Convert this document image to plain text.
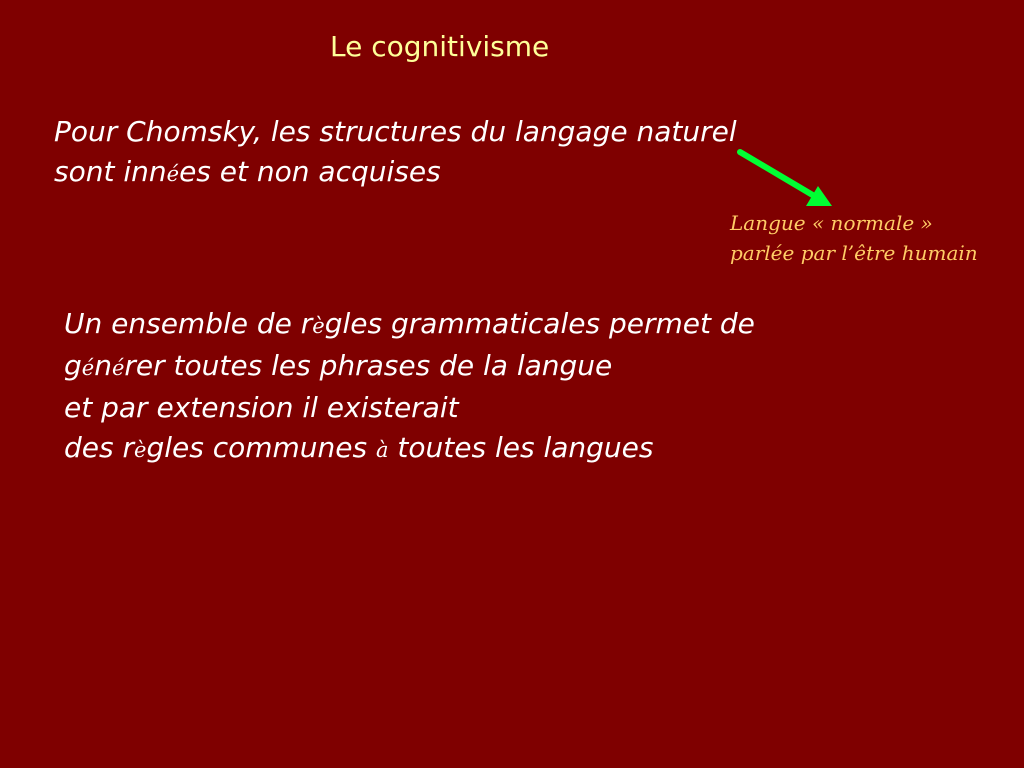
Le cognitivisme
Pour Chomsky, les structures du langage naturel
sont innées et non acquises
Langue « normale »
parlée par l’être humain
Un ensemble de règles grammaticales permet de
générer toutes les phrases de la langue
et par extension il existerait
des règles communes à toutes les langues
